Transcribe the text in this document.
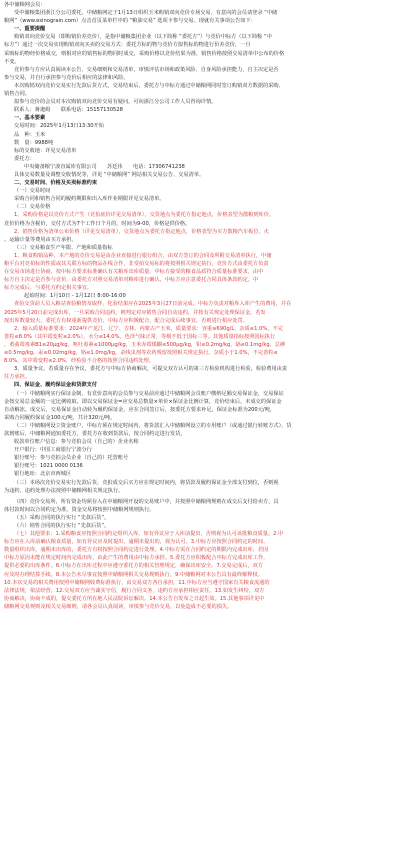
各中储粮网会员：
受中储粮集团浙江分公司委托，中储粮网定于1月13日组织玉米购销双向竞价专场交易，有意向的会员请登录 “中储
粮网”（www.esinograin.com）点击首页菜单栏中的 “粮油交易” 选项卡参与交易。现就有关事项公告如下：
一、重要提醒
购销双向竞价交易（即购销价差竞价），是指中储粮集团企业（以下简称 “委托方”）与竞价中标方（以下简称 “中
标方”）通过一次交易实现购销双向买卖的交易方式：委托方标的物与竞价方拟售标的物进行价差竞价，一旦
采购标的物经价格成交，则相对应的销售标的物同时成交，采购价格以竞价结果为准，销售价格按照交易清单中公布的价格
不变。
竞价参与方应认真阅读本公告、交易细则和交易清单，审慎评估市场和政策风险、自身风险承担能力，自主决定是否
参与交易，并自行承担参与竞价后相应的法律和风险。
本次购销双向竞价交易实行先款后货方式，交易结束后，委托方与中标方通过中储粮网同时签订购销双方数据的采购、
销售合同。
拟参与竞价的会员对本次购销双向竞价交易有疑问，可向浙江分公司工作人员咨询详情。
联系人：蒋迦姆　　联系电话：15157130528
一、基本要素
交易时间：2025年1月13日13:30开始
品　种：玉米
数　量：9988吨
标的交收地：详见交易清单
委托方：
中央储备粮宁波直属库有限公司　　苏廷伟　　电话：17306741238
具体交易数量及调整交收情况等，详见 “中储粮网” 网站相关交易公告、交易清单。
二、交易时间、价格及买卖标准约束
（一）交易时间
采购合同和销售合同的履约期限和出入库作业期限详见交易清单。
（二）交易价格
1、采购价格是以竞价方式产生（竞拍底价详见交易清单），交货地点为委托方指定地点，价格表型为散粮到库价。
竞价价格为含税价，交付方式为7个工作日个月的，时间为9-00，价格是供价格。
2、销售价格为清单公布价格（详见交易清单），交货地点为委托方指定地点，价格表型为买方散粮汽车板位，火
。运输计量等费用由买方承担。
（三）交易粮食生产年限、产地和质量指标
1、粮食购销品种，本产地的竞价交易是由企业直接进行银行组合，由双方签订的合同及所附交易清单执行，中储
粮平台对竞拍标的性质或其关联方标的物品在线合作，非受拍交易标的将按照相关规定执行，竞价方式由委托方负责
在交易市场进行协商，按中标方要求标准确认有关粮库出库质量，中标方接受的粮食品质符合质量标准要求，由中
标方自主决定是否参与竞价，由委托方对照交易清单对粮库进行确认，中标方应注意委托合同具体条款约定。中
标方完成后，与委托方约定相关事宜。
起始时间：1月10日 - 1月12日 8:00-16:00
查验交货前人员入粮站查验粮情及取样，化验结果应在2025年3月27日前完成。中标方负责对粮库入库产生的费用，并在
2025年5月20日前完成出库，一旦采购合同违约，则判定对应销售合同自动违约，并按有关规定处理保证金。若发
现出库数量较大，委托方有权重新提供竞价，中标方应积极配合，配合完成后续事宜，否则进行相应处罚。
2、输入质量标准要求：2024年产龙江、辽宁、吉林、内蒙古产玉米，质量要求：容重≥690g/L、杂质≤1.0%、不完
善粒≤8.0%（其中霉变粒≤2.0%），水分≤14.0%，色泽气味正常，等级不低于国标三等。其他质量指标按照国标执行
，黄曲霉毒素B1≤20μg/kg，呕吐毒素≤1000μg/kg，玉米赤霉烯酮≤500μg/kg，铅≤0.2mg/kg，镉≤0.1mg/kg，总砷
≤0.5mg/kg，汞≤0.02mg/kg，铬≤1.0mg/kg，杀线虫剂等农药残留按照相关规定执行。杂质小于1.0%，不完善粒≤
8.0%，其中霉变粒≤2.0%，经检验不合格的按照合同违约处理。
3、质量争议。若质量存在争议，委托方与中标方协商解决，可提交双方认可的第三方检验机构进行检验，检验费用由责
任方承担。
四、保证金、履约保证金和货款支付
（一）中储粮网实行保证金制，有竞价意向的会员参与交易前应通过中储粮网会员账户缴纳足额交易保证金，交易保证
金按交易总金额的一定比例收取，即以交易保证金=应交易总数量×单价×保证金比例计算，竞价结束后，未成交的保证金
自动解冻。成交后，交易保证金自动转为履约保证金，应在合同签订后，按委托方要求补足，保证金标准为200元/吨，
采购合同履约保证金100元/吨，共计320元/吨。
（二）中储粮网设立资金账户，中标方须在规定时间内，将货款汇入中储粮网设立的专用账户（或通过银行转账方式），货
款到账后，中储粮网通知委托方，委托方在收到货款后，按合同约定进行发货。
收款单位账户信息：参与竞拍会员（自己的）企业名称
开户银行：中国工商银行宁波分行
银行账号：参与竞拍会员企业（自己的）托管账号
银行账号：1021 0000 0136
银行地址：北京市西城区
（三）本场次竞价交易实行先款后货，竞拍成交后买方应在规定时间内，将货款及履约保证金全部支付到位，否则视
为违约，违约处理办法按照中储粮网相关规定执行。
（四）竞价交易所，所有资金均须存入在中储粮网开设的交易账户中，并按照中储粮网规则在成交后支付给卖方，具
体付款时间以合同约定为准，资金交易将按照中储粮网规则执行。
（五）采购合同的执行实行 “先款后货”。
（六）销售合同的执行实行 “先款后货”。
（七）其他要求：1.采购粮食应按照合同约定组织入库，如有异议应于入库前提出，否则视为认可该批粮食质量。2.中
标方应在入库前确认粮食质量，如有异议应及时提出，逾期未提出的，视为认可。3.中标方应按照合同约定的时间、
数量组织出库，逾期未出库的，委托方有权按照合同约定进行处理。4.中标方需在合同约定的期限内完成出库，若因
中标方原因未能在规定时间内完成出库，由此产生的费用由中标方承担。5.委托方应积极配合中标方完成出库工作，
提供必要的出库条件。6.中标方在出库过程中应遵守委托方的相关管理规定，确保出库安全。7.交易完成后，双方
应及时办理结算手续。8.本公告未尽事宜按照中储粮网相关交易规则执行。9.中储粮网对本公告具有最终解释权。
10.本次交易的相关费用按照中储粮网收费标准执行，由交易双方各自承担。11.中标方应当遵守国家有关粮食流通的
法律法规，依法经营。12.交易双方应当诚实守信，履行合同义务，违约方应承担相应责任。13.如发生纠纷，双方
协商解决，协商不成的，提交委托方所在地人民法院诉讼解决。14.本公告自发布之日起生效。15.其他事项详见中
储粮网交易规则及相关交易细则，请各会员认真阅读，审慎参与竞价交易，以免造成不必要的损失。
